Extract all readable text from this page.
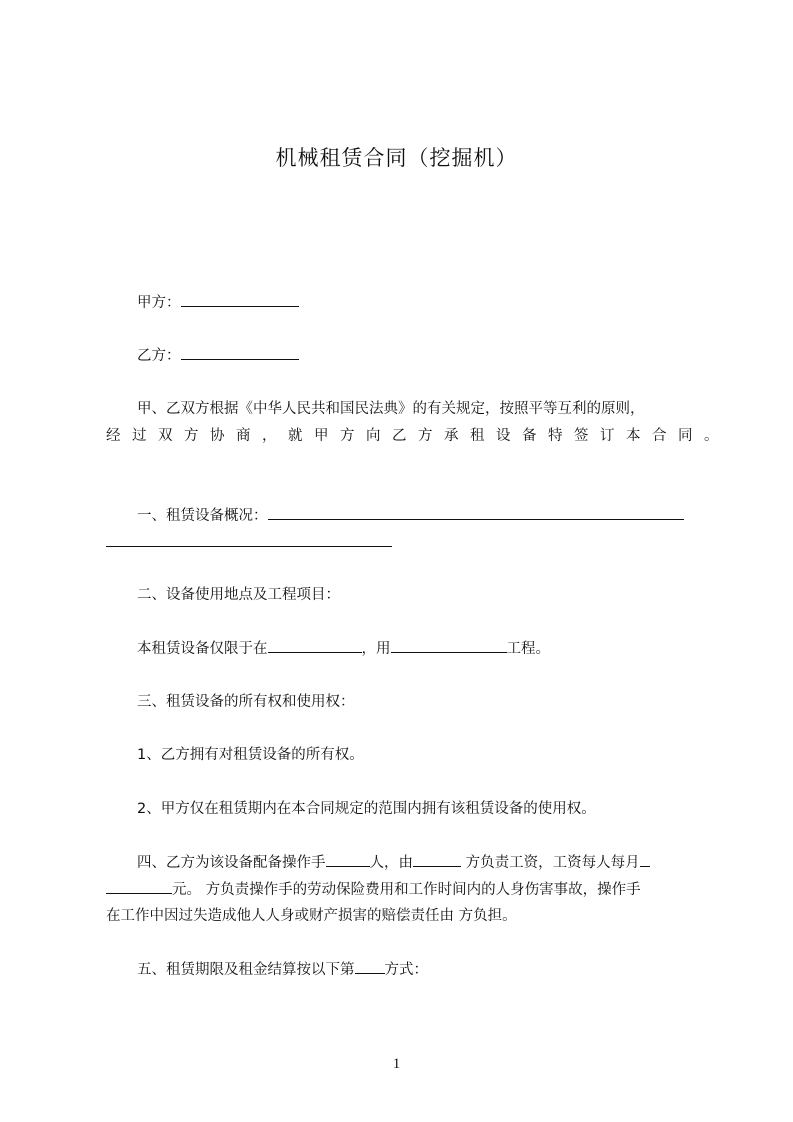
机械租赁合同（挖掘机）
甲方：
乙方：
甲、乙双方根据《中华人民共和国民法典》的有关规定，按照平等互利的原则，
经过双方协商，就甲方向乙方承租设备特签订本合同。
一、租赁设备概况：
二、设备使用地点及工程项目：
本租赁设备仅限于在	，用	工程。
三、租赁设备的所有权和使用权：
1、乙方拥有对租赁设备的所有权。
2、甲方仅在租赁期内在本合同规定的范围内拥有该租赁设备的使用权。
四、乙方为该设备配备操作手	人，由	方负责工资，工资每人每月
元。 方负责操作手的劳动保险费用和工作时间内的人身伤害事故，操作手
在工作中因过失造成他人人身或财产损害的赔偿责任由 方负担。
五、租赁期限及租金结算按以下第 方式：
1
